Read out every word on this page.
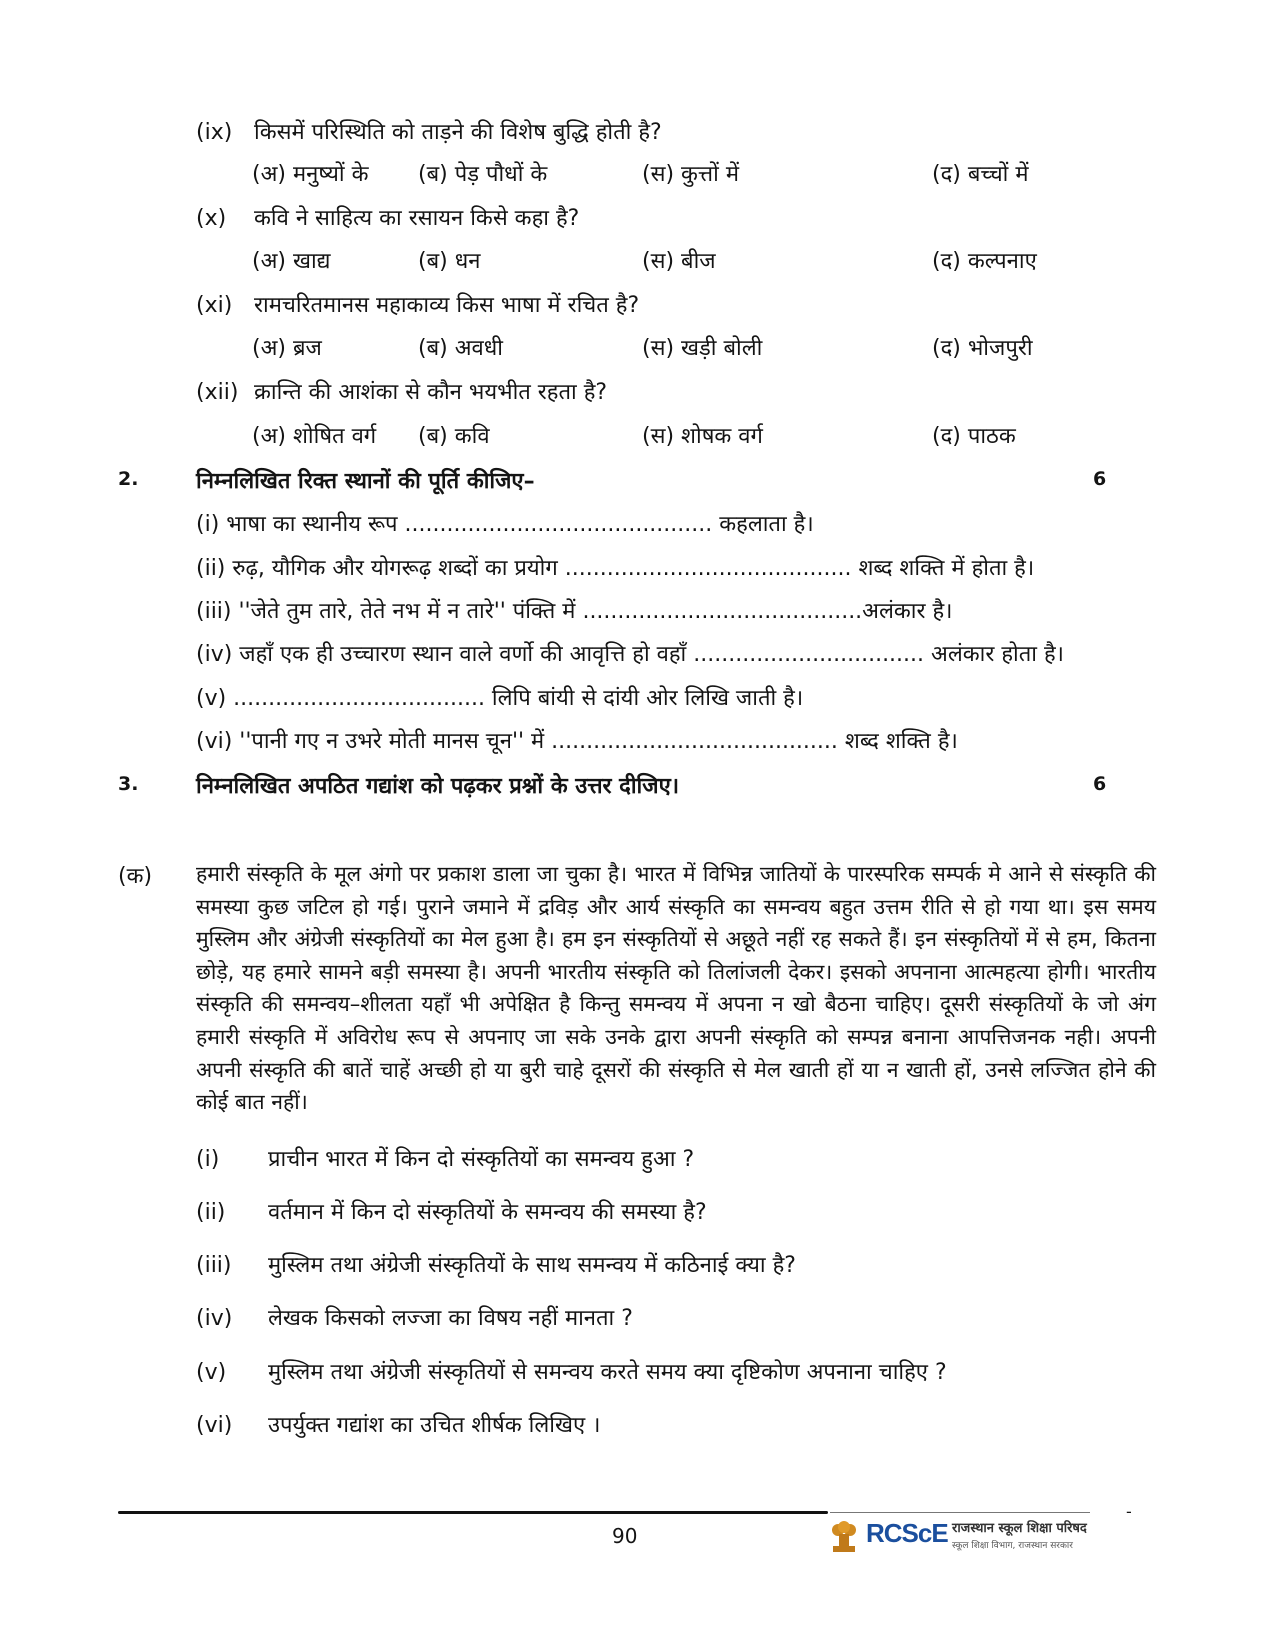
(ix) किसमें परिस्थिति को ताड़ने की विशेष बुद्धि होती है?
(अ) मनुष्यों के (ब) पेड़ पौधों के	(स) कुत्तों में	(द) बच्चों में
(x) कवि ने साहित्य का रसायन किसे कहा है?
(अ) खाद्य	(ब) धन	(स) बीज	(द) कल्पनाए
(xi) रामचरितमानस महाकाव्य किस भाषा में रचित है?
(अ) ब्रज	(ब) अवधी	(स) खड़ी बोली	(द) भोजपुरी
(xii) क्रान्ति की आशंका से कौन भयभीत रहता है?
(अ) शोषित वर्ग (ब) कवि	(स) शोषक वर्ग	(द) पाठक
2.	निम्नलिखित रिक्त स्थानों की पूर्ति कीजिए–	6
(i) भाषा का स्थानीय रूप ............................................ कहलाता है।
(ii) रुढ़, यौगिक और योगरूढ़ शब्दों का प्रयोग ......................................... शब्द शक्ति में होता है।
(iii) ''जेते तुम तारे, तेते नभ में न तारे'' पंक्ति में ........................................अलंकार है।
(iv) जहाँ एक ही उच्चारण स्थान वाले वर्णो की आवृत्ति हो वहाँ ................................. अलंकार होता है।
(v) .................................... लिपि बांयी से दांयी ओर लिखि जाती है।
(vi) ''पानी गए न उभरे मोती मानस चून'' में ......................................... शब्द शक्ति है।
3.	निम्नलिखित अपठित गद्यांश को पढ़कर प्रश्नों के उत्तर दीजिए।	6
(क) हमारी संस्कृति के मूल अंगो पर प्रकाश डाला जा चुका है। भारत में विभिन्न जातियों के पारस्परिक सम्पर्क मे आने से संस्कृति की समस्या कुछ जटिल हो गई। पुराने जमाने में द्रविड़ और आर्य संस्कृति का समन्वय बहुत उत्तम रीति से हो गया था। इस समय मुस्लिम और अंग्रेजी संस्कृतियों का मेल हुआ है। हम इन संस्कृतियों से अछूते नहीं रह सकते हैं। इन संस्कृतियों में से हम, कितना छोड़े, यह हमारे सामने बड़ी समस्या है। अपनी भारतीय संस्कृति को तिलांजली देकर। इसको अपनाना आत्महत्या होगी। भारतीय संस्कृति की समन्वय–शीलता यहाँ भी अपेक्षित है किन्तु समन्वय में अपना न खो बैठना चाहिए। दूसरी संस्कृतियों के जो अंग हमारी संस्कृति में अविरोध रूप से अपनाए जा सके उनके द्वारा अपनी संस्कृति को सम्पन्न बनाना आपत्तिजनक नही। अपनी अपनी संस्कृति की बातें चाहें अच्छी हो या बुरी चाहे दूसरों की संस्कृति से मेल खाती हों या न खाती हों, उनसे लज्जित होने की कोई बात नहीं।

(i) प्राचीन भारत में किन दो संस्कृतियों का समन्वय हुआ ?
(ii) वर्तमान में किन दो संस्कृतियों के समन्वय की समस्या है?
(iii) मुस्लिम तथा अंग्रेजी संस्कृतियों के साथ समन्वय में कठिनाई क्या है?
(iv) लेखक किसको लज्जा का विषय नहीं मानता ?
(v) मुस्लिम तथा अंग्रेजी संस्कृतियों से समन्वय करते समय क्या दृष्टिकोण अपनाना चाहिए ?
(vi) उपर्युक्त गद्यांश का उचित शीर्षक लिखिए ।
-
90	RCScE राजस्थान स्कूल शिक्षा परिषद
स्कूल शिक्षा विभाग, राजस्थान सरकार
